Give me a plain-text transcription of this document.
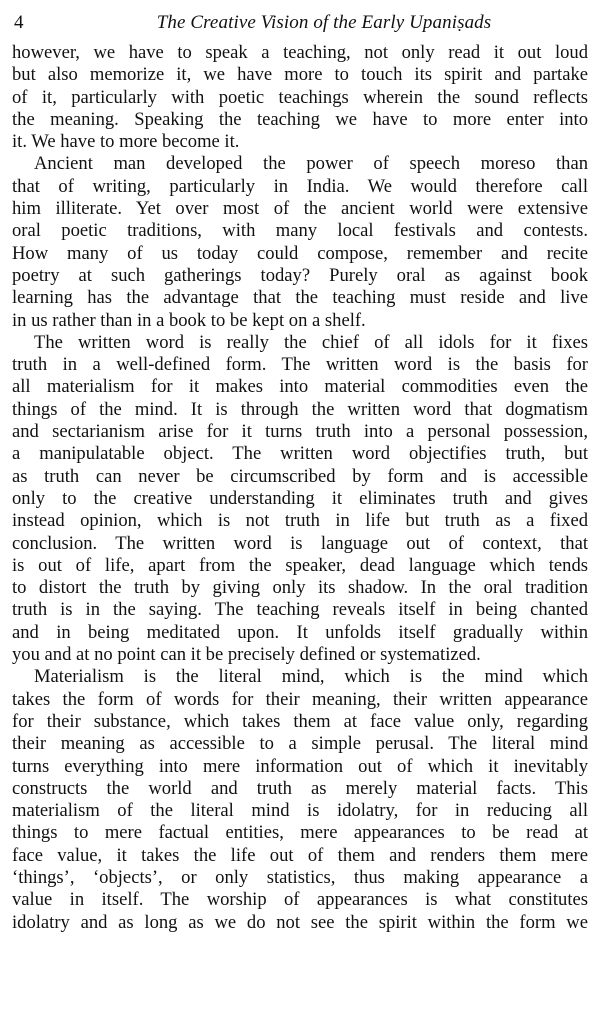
4	The Creative Vision of the Early Upaniṣads
however, we have to speak a teaching, not only read it out loud
but also memorize it, we have more to touch its spirit and partake
of it, particularly with poetic teachings wherein the sound reflects
the meaning. Speaking the teaching we have to more enter into
it. We have to more become it.
Ancient man developed the power of speech moreso than
that of writing, particularly in India. We would therefore call
him illiterate. Yet over most of the ancient world were extensive
oral poetic traditions, with many local festivals and contests.
How many of us today could compose, remember and recite
poetry at such gatherings today? Purely oral as against book
learning has the advantage that the teaching must reside and live
in us rather than in a book to be kept on a shelf.
The written word is really the chief of all idols for it fixes
truth in a well-defined form. The written word is the basis for
all materialism for it makes into material commodities even the
things of the mind. It is through the written word that dogmatism
and sectarianism arise for it turns truth into a personal possession,
a manipulatable object. The written word objectifies truth, but
as truth can never be circumscribed by form and is accessible
only to the creative understanding it eliminates truth and gives
instead opinion, which is not truth in life but truth as a fixed
conclusion. The written word is language out of context, that
is out of life, apart from the speaker, dead language which tends
to distort the truth by giving only its shadow. In the oral tradition
truth is in the saying. The teaching reveals itself in being chanted
and in being meditated upon. It unfolds itself gradually within
you and at no point can it be precisely defined or systematized.
Materialism is the literal mind, which is the mind which
takes the form of words for their meaning, their written appearance
for their substance, which takes them at face value only, regarding
their meaning as accessible to a simple perusal. The literal mind
turns everything into mere information out of which it inevitably
constructs the world and truth as merely material facts. This
materialism of the literal mind is idolatry, for in reducing all
things to mere factual entities, mere appearances to be read at
face value, it takes the life out of them and renders them mere
‘things’, ‘objects’, or only statistics, thus making appearance a
value in itself. The worship of appearances is what constitutes
idolatry and as long as we do not see the spirit within the form we
